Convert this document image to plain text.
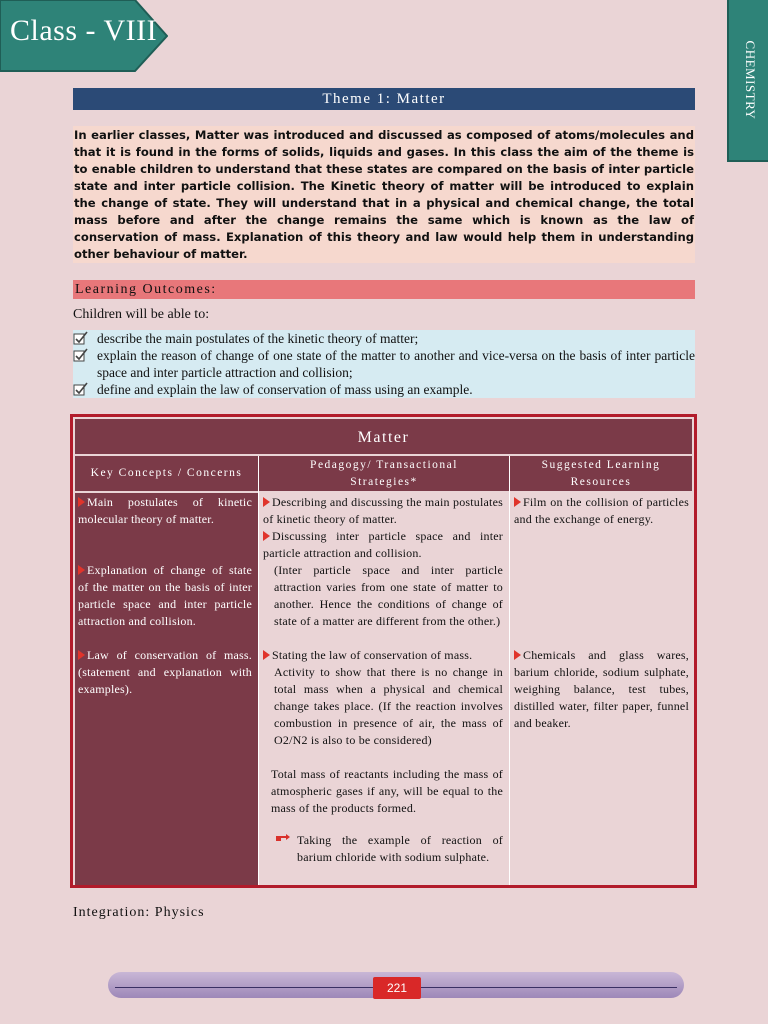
Class - VIII
CHEMISTRY
Theme 1: Matter
In earlier classes, Matter was introduced and discussed as composed of atoms/molecules and that it is found in the forms of solids, liquids and gases. In this class the aim of the theme is to enable children to understand that these states are compared on the basis of inter particle state and inter particle collision. The Kinetic theory of matter will be introduced to explain the change of state. They will understand that in a physical and chemical change, the total mass before and after the change remains the same which is known as the law of conservation of mass. Explanation of this theory and law would help them in understanding other behaviour of matter.
Learning Outcomes:
Children will be able to:
describe the main postulates of the kinetic theory of matter;
explain the reason of change of one state of the matter to another and vice-versa on the basis of inter particle space and inter particle attraction and collision;
define and explain the law of conservation of mass using an example.
Matter
Key Concepts / Concerns
Pedagogy/ Transactional Strategies*
Suggested Learning Resources
Main postulates of kinetic molecular theory of matter.
Explanation of change of state of the matter on the basis of inter particle space and inter particle attraction and collision.
Law of conservation of mass. (statement and explanation with examples).
Describing and discussing the main postulates of kinetic theory of matter.
Discussing inter particle space and inter particle attraction and collision.
(Inter particle space and inter particle attraction varies from one state of matter to another. Hence the conditions of change of state of a matter are different from the other.)
Stating the law of conservation of mass.
Activity to show that there is no change in total mass when a physical and chemical change takes place. (If the reaction involves combustion in presence of air, the mass of O2/N2 is also to be considered)
Total mass of reactants including the mass of atmospheric gases if any, will be equal to the mass of the products formed.
Taking the example of reaction of barium chloride with sodium sulphate.
Film on the collision of particles and the exchange of energy.
Chemicals and glass wares, barium chloride, sodium sulphate, weighing balance, test tubes, distilled water, filter paper, funnel and beaker.
Integration: Physics
221
